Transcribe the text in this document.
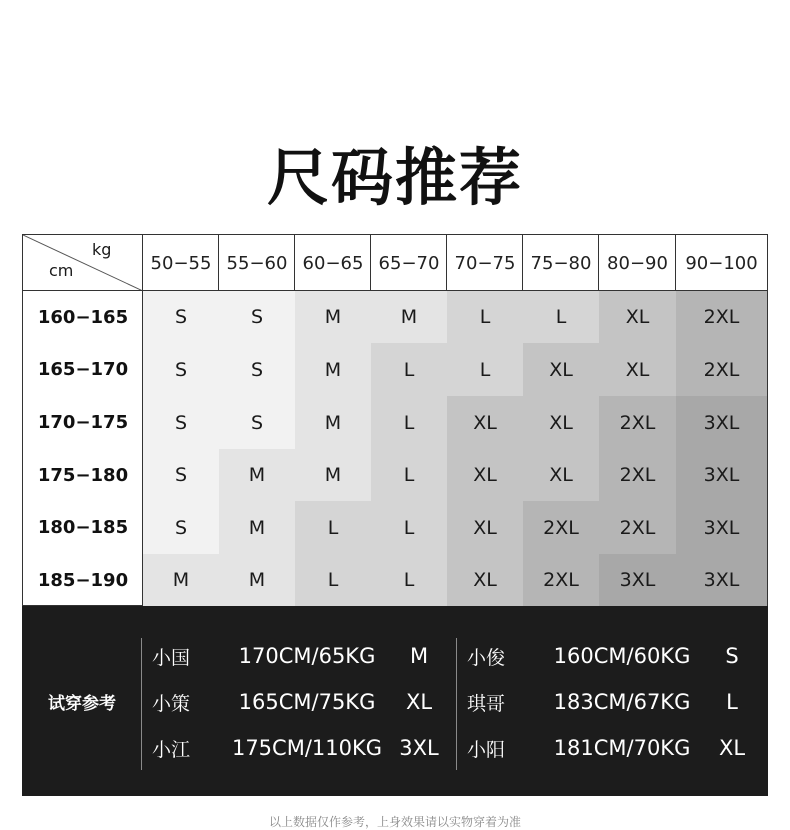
尺码推荐
kg
cm	50−55 55−60 60−65 65−70 70−75 75−80 80−90 90−100
160−165	S	S	M	M	L	L	XL	2XL
165−170	S	S	M	L	L	XL	XL	2XL
170−175	S	S	M	L	XL	XL	2XL	3XL
175−180	S	M	M	L	XL	XL	2XL	3XL
180−185	S	M	L	L	XL	2XL	2XL	3XL
185−190	M	M	L	L	XL	2XL	3XL	3XL
试穿参考
小国	170CM/65KG	M
小策	165CM/75KG	XL
小江	175CM/110KG 3XL
小俊	160CM/60KG	S
琪哥	183CM/67KG	L
小阳	181CM/70KG	XL
以上数据仅作参考，上身效果请以实物穿着为准
